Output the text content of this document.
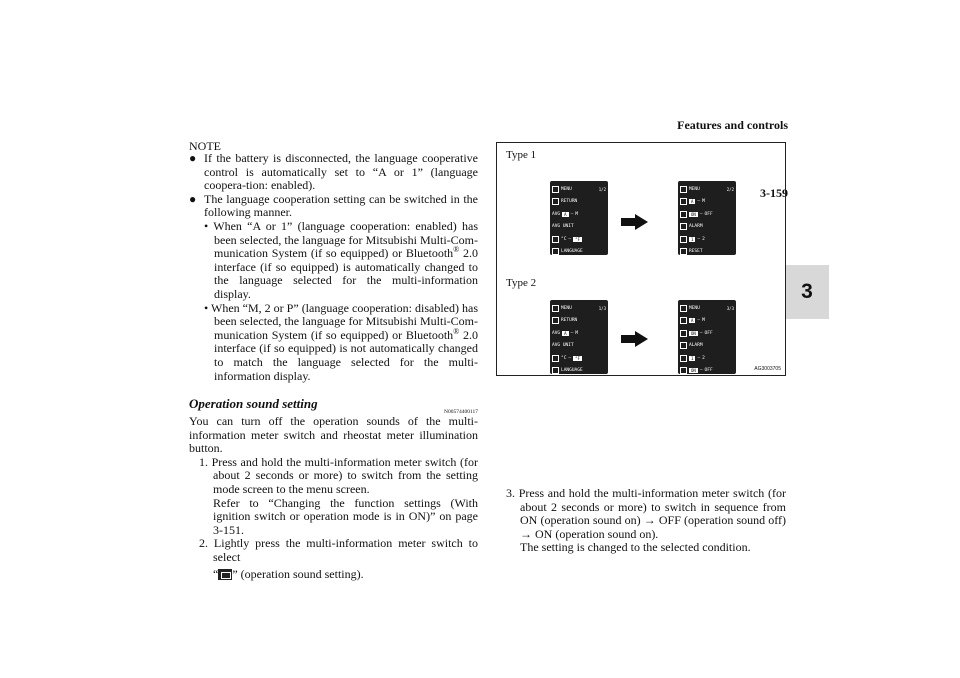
Features and controls
3-159
3
NOTE
● If the battery is disconnected, the language cooperative control is automatically set to “A or 1” (language coopera-tion: enabled).
● The language cooperation setting can be switched in the following manner.
• When “A or 1” (language cooperation: enabled) has been selected, the language for Mitsubishi Multi-Com-munication System (if so equipped) or Bluetooth® 2.0 interface (if so equipped) is automatically changed to the language selected for the multi-information display.
• When “M, 2 or P” (language cooperation: disabled) has been selected, the language for Mitsubishi Multi-Com-munication System (if so equipped) or Bluetooth® 2.0 interface (if so equipped) is not automatically changed to match the language selected for the multi-information display.
Operation sound setting
N00574400117
You can turn off the operation sounds of the multi-information meter switch and rheostat meter illumination button.
1. Press and hold the multi-information meter switch (for about 2 seconds or more) to switch from the setting mode screen to the menu screen.
Refer to “Changing the function settings (With ignition switch or operation mode is in ON)” on page 3-151.
2. Lightly press the multi-information meter switch to select
“ ” (operation sound setting).
Type 1
Type 2
MENU	1/2
RETURN
AVG	A – M
AVG UNIT
°C –	°F
LANGUAGE
MENU	2/2
A – M
ON – OFF
ALARM
1 – 2
RESET
MENU	1/3
RETURN
AVG	A – M
AVG UNIT
°C –	°F
LANGUAGE
MENU	3/3
A – M
ON – OFF
ALARM
1 – 2
ON – OFF	AG3003705
3. Press and hold the multi-information meter switch (for about 2 seconds or more) to switch in sequence from ON (operation sound on) → OFF (operation sound off) → ON (operation sound on).
The setting is changed to the selected condition.
